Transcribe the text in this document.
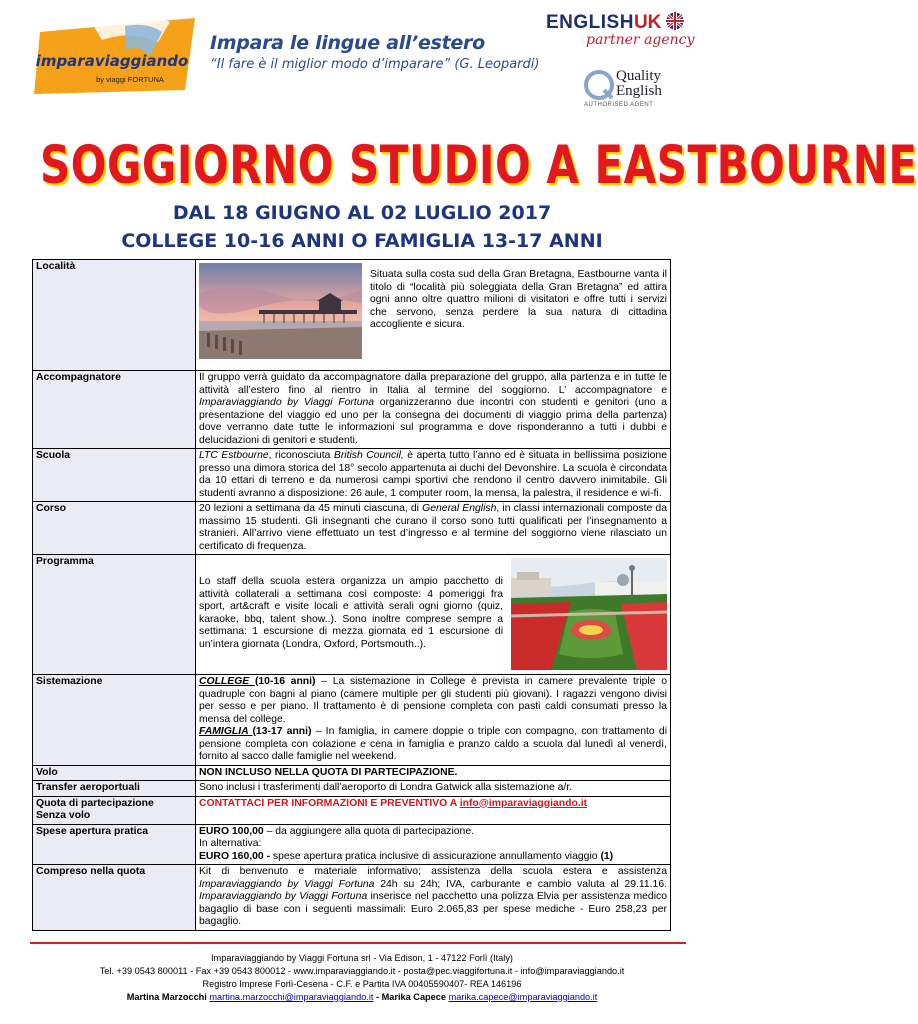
imparaviaggiando
by viaggi FORTUNA
Impara le lingue all’estero
“Il fare è il miglior modo d’imparare” (G. Leopardi)
ENGLISHUK
partner agency
Quality
English
AUTHORISED AGENT
SOGGIORNO STUDIO A EASTBOURNE
DAL 18 GIUGNO AL 02 LUGLIO 2017
COLLEGE 10-16 ANNI O FAMIGLIA 13-17 ANNI
Località	Situata sulla costa sud della Gran Bretagna, Eastbourne vanta il titolo di “località più soleggiata della Gran Bretagna” ed attira ogni anno oltre quattro milioni di visitatori e offre tutti i servizi che servono, senza perdere la sua natura di cittadina accogliente e sicura.

Accompagnatore	Il gruppo verrà guidato da accompagnatore dalla preparazione del gruppo, alla partenza e in tutte le attività all’estero fino al rientro in Italia al termine del soggiorno. L’ accompagnatore e Imparaviaggiando by Viaggi Fortuna organizzeranno due incontri con studenti e genitori (uno a presentazione del viaggio ed uno per la consegna dei documenti di viaggio prima della partenza) dove verranno date tutte le informazioni sul programma e dove risponderanno a tutti i dubbi e delucidazioni di genitori e studenti.
Scuola	LTC Estbourne, riconosciuta British Council, è aperta tutto l’anno ed è situata in bellissima posizione presso una dimora storica del 18° secolo appartenuta ai duchi del Devonshire. La scuola è circondata da 10 ettari di terreno e da numerosi campi sportivi che rendono il centro davvero inimitabile. Gli studenti avranno a disposizione: 26 aule, 1 computer room, la mensa, la palestra, il residence e wi-fi.
Corso	20 lezioni a settimana da 45 minuti ciascuna, di General English, in classi internazionali composte da massimo 15 studenti. Gli insegnanti che curano il corso sono tutti qualificati per l’insegnamento a stranieri. All’arrivo viene effettuato un test d’ingresso e al termine del soggiorno viene rilasciato un certificato di frequenza.
Programma	Lo staff della scuola estera organizza un ampio pacchetto di attività collaterali a settimana così composte: 4 pomeriggi fra sport, art&craft e visite locali e attività serali ogni giorno (quiz, karaoke, bbq, talent show..). Sono inoltre comprese sempre a settimana: 1 escursione di mezza giornata ed 1 escursione di un’intera giornata (Londra, Oxford, Portsmouth..).

Sistemazione	COLLEGE (10-16 anni) – La sistemazione in College è prevista in camere prevalente triple o quadruple con bagni al piano (camere multiple per gli studenti più giovani). I ragazzi vengono divisi per sesso e per piano. Il trattamento è di pensione completa con pasti caldi consumati presso la mensa del college.
FAMIGLIA (13-17 anni) – In famiglia, in camere doppie o triple con compagno, con trattamento di pensione completa con colazione e cena in famiglia e pranzo caldo a scuola dal lunedì al venerdì, fornito al sacco dalle famiglie nel weekend.

Volo	NON INCLUSO NELLA QUOTA DI PARTECIPAZIONE.
Transfer aeroportuali	Sono inclusi i trasferimenti dall’aeroporto di Londra Gatwick alla sistemazione a/r.

Quota di partecipazione
Senza volo	CONTATTACI PER INFORMAZIONI E PREVENTIVO A info@imparaviaggiando.it
Spese apertura pratica	EURO 100,00 – da aggiungere alla quota di partecipazione.
In alternativa:
EURO 160,00 - spese apertura pratica inclusive di assicurazione annullamento viaggio (1)

Compreso nella quota	Kit di benvenuto e materiale informativo; assistenza della scuola estera e assistenza Imparaviaggiando by Viaggi Fortuna 24h su 24h; IVA, carburante e cambio valuta al 29.11.16. Imparaviaggiando by Viaggi Fortuna inserisce nel pacchetto una polizza Elvia per assistenza medico bagaglio di base con i seguenti massimali: Euro 2.065,83 per spese mediche - Euro 258,23 per bagaglio.
Imparaviaggiando by Viaggi Fortuna srl - Via Edison, 1 - 47122 Forlì (Italy)
Tel. +39 0543 800011 - Fax +39 0543 800012 - www.imparaviaggiando.it - posta@pec.viaggifortuna.it - info@imparaviaggiando.it
Registro Imprese Forlì-Cesena - C.F. e Partita IVA 00405590407- REA 146196
Martina Marzocchi martina.marzocchi@imparaviaggiando.it - Marika Capece marika.capece@imparaviaggiando.it
